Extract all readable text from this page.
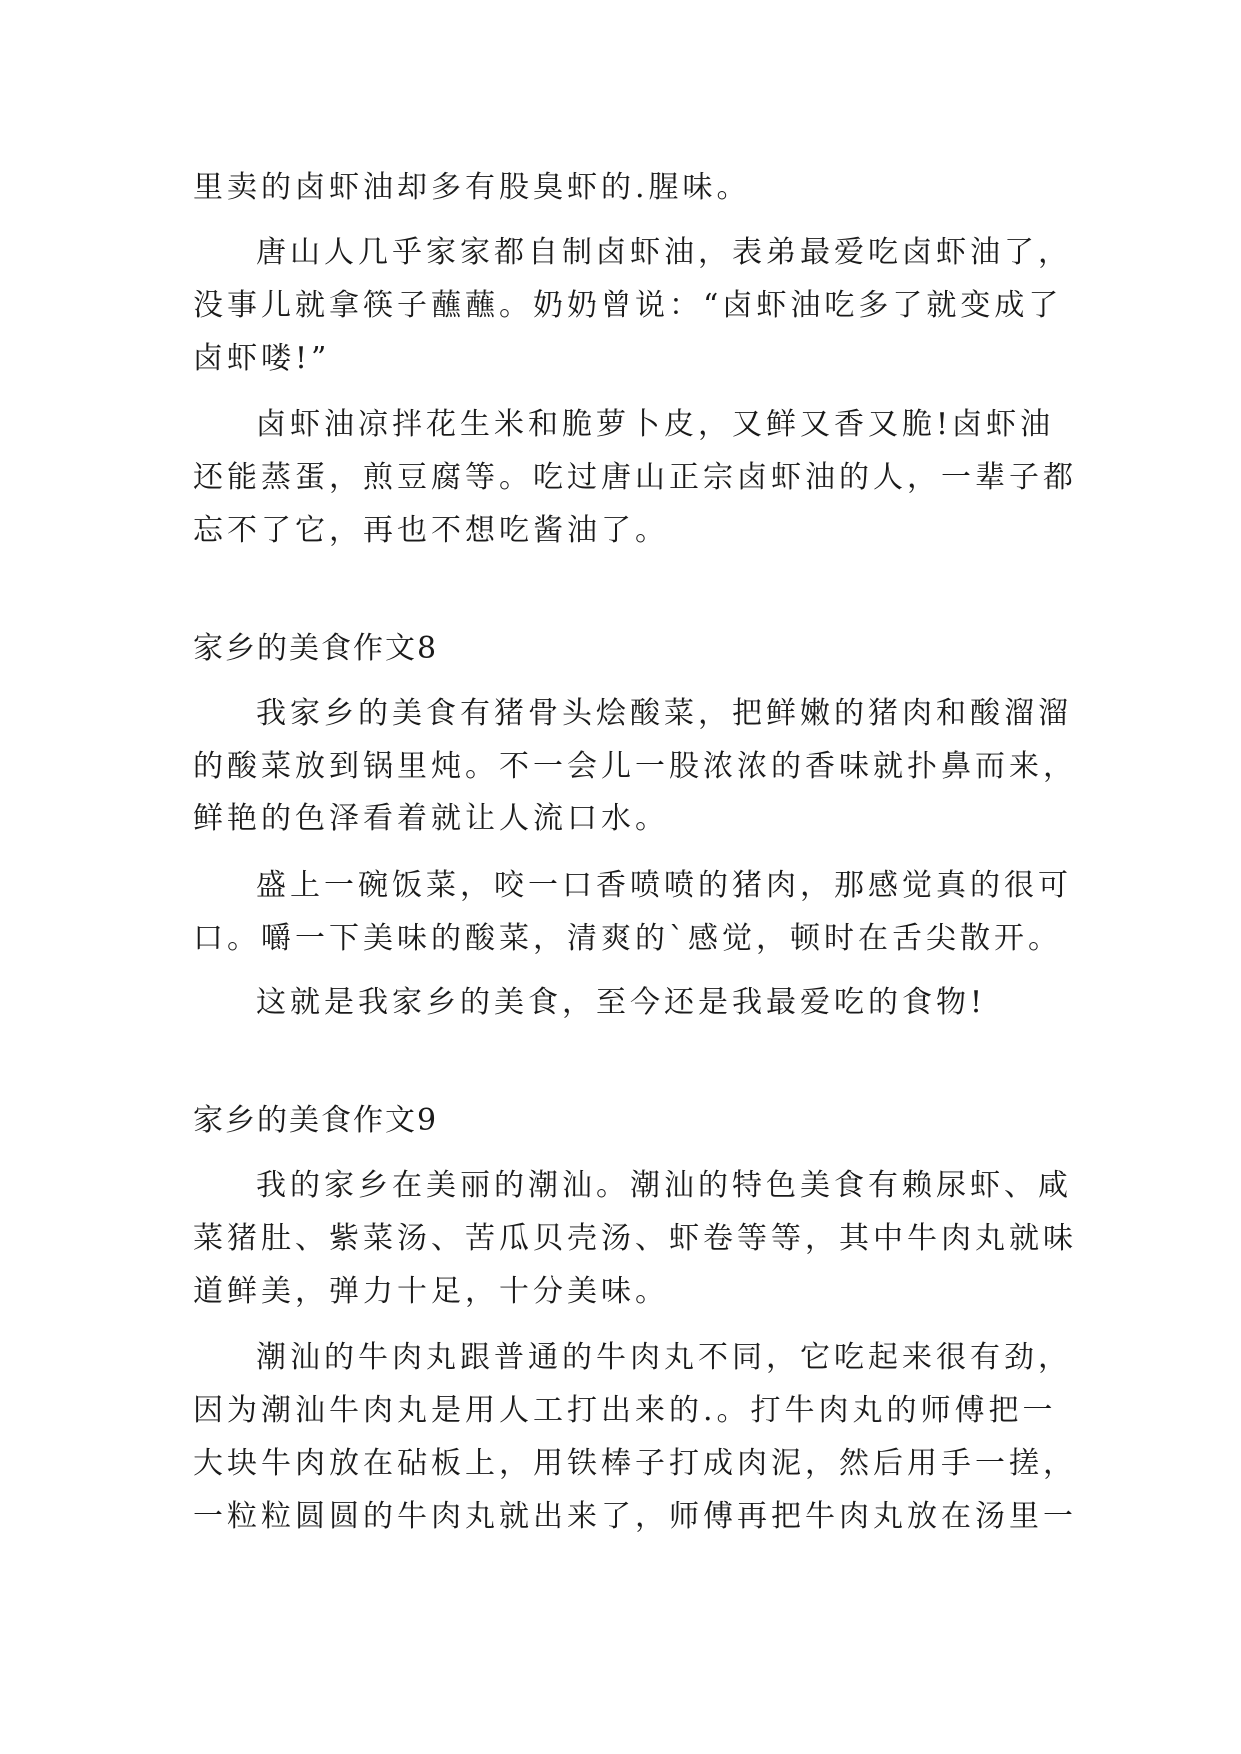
里卖的卤虾油却多有股臭虾的.腥味。
唐山人几乎家家都自制卤虾油，表弟最爱吃卤虾油了，
没事儿就拿筷子蘸蘸。奶奶曾说：“卤虾油吃多了就变成了
卤虾喽!”
卤虾油凉拌花生米和脆萝卜皮，又鲜又香又脆!卤虾油
还能蒸蛋，煎豆腐等。吃过唐山正宗卤虾油的人，一辈子都
忘不了它，再也不想吃酱油了。
家乡的美食作文8
我家乡的美食有猪骨头烩酸菜，把鲜嫩的猪肉和酸溜溜
的酸菜放到锅里炖。不一会儿一股浓浓的香味就扑鼻而来，
鲜艳的色泽看着就让人流口水。
盛上一碗饭菜，咬一口香喷喷的猪肉，那感觉真的很可
口。嚼一下美味的酸菜，清爽的`感觉，顿时在舌尖散开。
这就是我家乡的美食，至今还是我最爱吃的食物!
家乡的美食作文9
我的家乡在美丽的潮汕。潮汕的特色美食有赖尿虾、咸
菜猪肚、紫菜汤、苦瓜贝壳汤、虾卷等等，其中牛肉丸就味
道鲜美，弹力十足，十分美味。
潮汕的牛肉丸跟普通的牛肉丸不同，它吃起来很有劲，
因为潮汕牛肉丸是用人工打出来的.。打牛肉丸的师傅把一
大块牛肉放在砧板上，用铁棒子打成肉泥，然后用手一搓，
一粒粒圆圆的牛肉丸就出来了，师傅再把牛肉丸放在汤里一
